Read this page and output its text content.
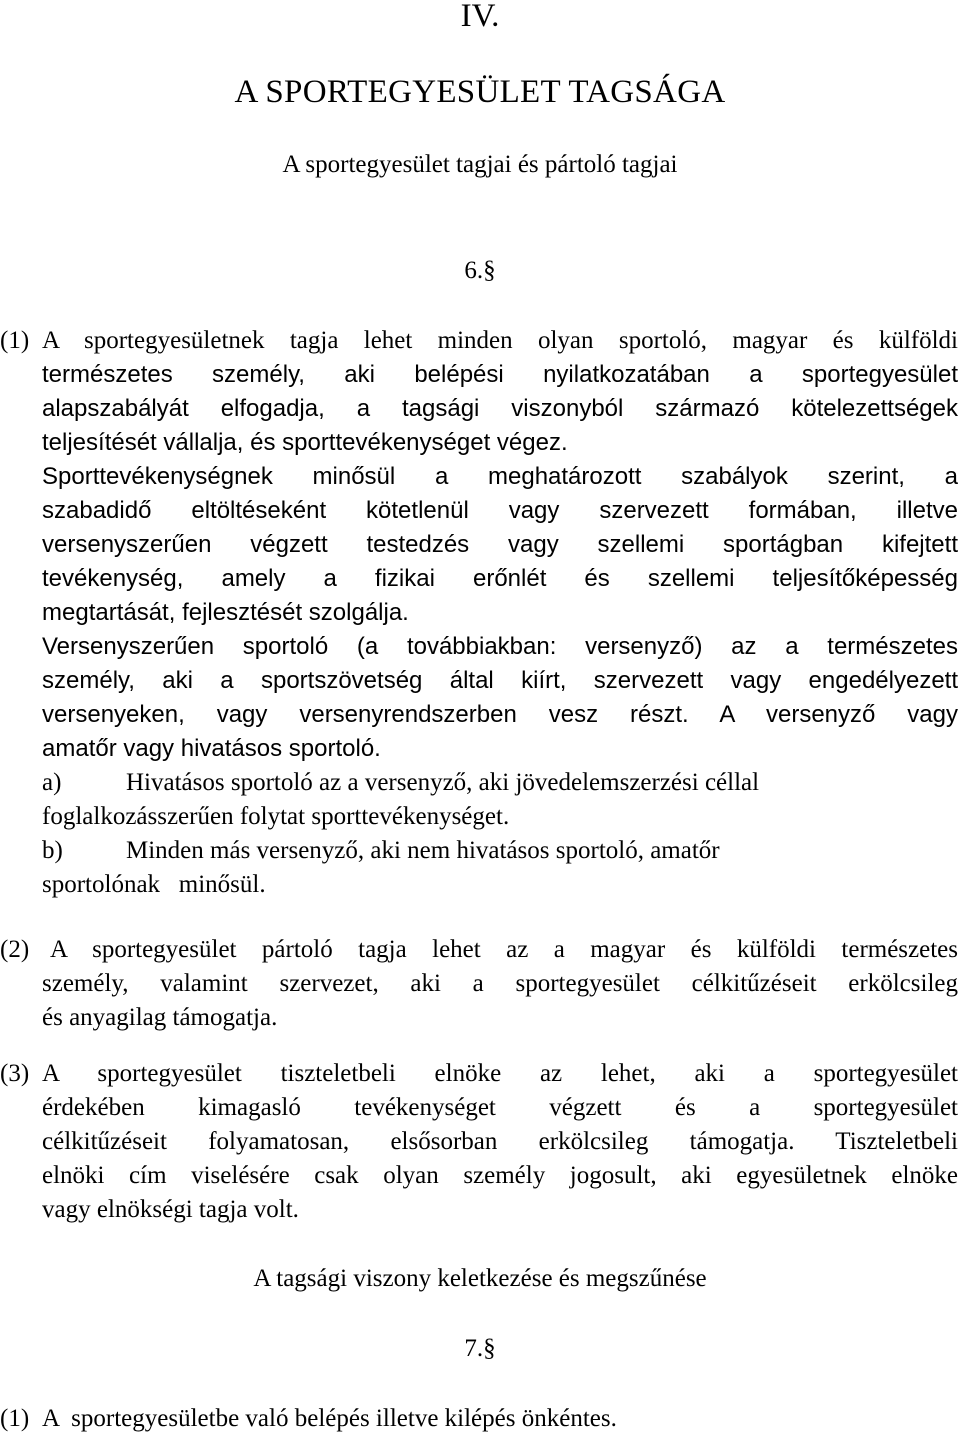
IV.
A SPORTEGYESÜLET TAGSÁGA
A sportegyesület tagjai és pártoló tagjai
6.§
(1) A sportegyesületnek tagja lehet minden olyan sportoló, magyar és külföldi
természetes személy, aki belépési nyilatkozatában a sportegyesület
alapszabályát elfogadja, a tagsági viszonyból származó kötelezettségek
teljesítését vállalja, és sporttevékenységet végez.
Sporttevékenységnek minősül a meghatározott szabályok szerint, a
szabadidő eltöltéseként kötetlenül vagy szervezett formában, illetve
versenyszerűen végzett testedzés vagy szellemi sportágban kifejtett
tevékenység, amely a fizikai erőnlét és szellemi teljesítőképesség
megtartását, fejlesztését szolgálja.
Versenyszerűen sportoló (a továbbiakban: versenyző) az a természetes
személy, aki a sportszövetség által kiírt, szervezett vagy engedélyezett
versenyeken, vagy versenyrendszerben vesz részt. A versenyző vagy
amatőr vagy hivatásos sportoló.
a)	Hivatásos sportoló az a versenyző, aki jövedelemszerzési céllal
foglalkozásszerűen folytat sporttevékenységet.
b)	Minden más versenyző, aki nem hivatásos sportoló, amatőr
sportolónak   minősül.
(2) A sportegyesület pártoló tagja lehet az a magyar és külföldi természetes
személy, valamint szervezet, aki a sportegyesület célkitűzéseit erkölcsileg
és anyagilag támogatja.
(3) A sportegyesület tiszteletbeli elnöke az lehet, aki a sportegyesület
érdekében kimagasló tevékenységet végzett és a sportegyesület
célkitűzéseit folyamatosan, elsősorban erkölcsileg támogatja. Tiszteletbeli
elnöki cím viselésére csak olyan személy jogosult, aki egyesületnek elnöke
vagy elnökségi tagja volt.
A tagsági viszony keletkezése és megszűnése
7.§
(1) A  sportegyesületbe való belépés illetve kilépés önkéntes.
